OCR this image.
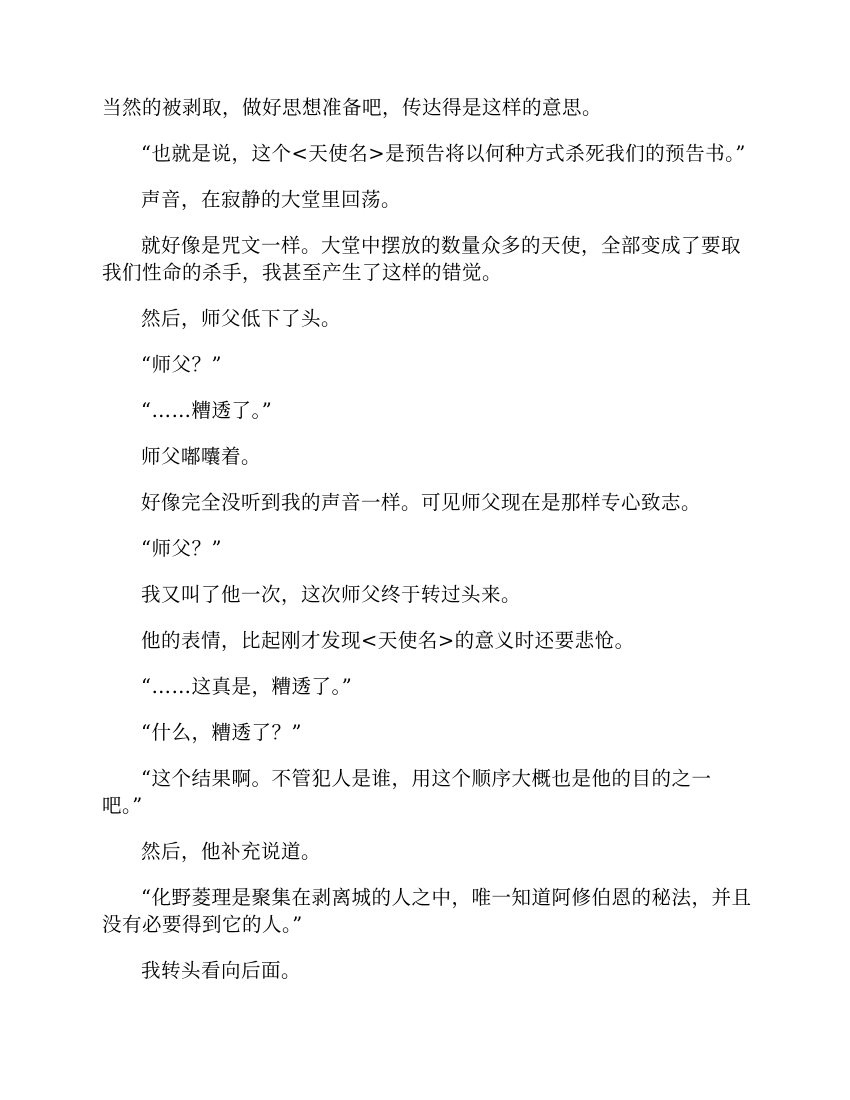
当然的被剥取，做好思想准备吧，传达得是这样的意思。

“也就是说，这个<天使名>是预告将以何种方式杀死我们的预告书。”

声音，在寂静的大堂里回荡。

就好像是咒文一样。大堂中摆放的数量众多的天使，全部变成了要取我们性命的杀手，我甚至产生了这样的错觉。

然后，师父低下了头。

“师父？”

“……糟透了。”

师父嘟囔着。

好像完全没听到我的声音一样。可见师父现在是那样专心致志。

“师父？”

我又叫了他一次，这次师父终于转过头来。

他的表情，比起刚才发现<天使名>的意义时还要悲怆。

“……这真是，糟透了。”

“什么，糟透了？”

“这个结果啊。不管犯人是谁，用这个顺序大概也是他的目的之一吧。”

然后，他补充说道。

“化野菱理是聚集在剥离城的人之中，唯一知道阿修伯恩的秘法，并且没有必要得到它的人。”

我转头看向后面。
